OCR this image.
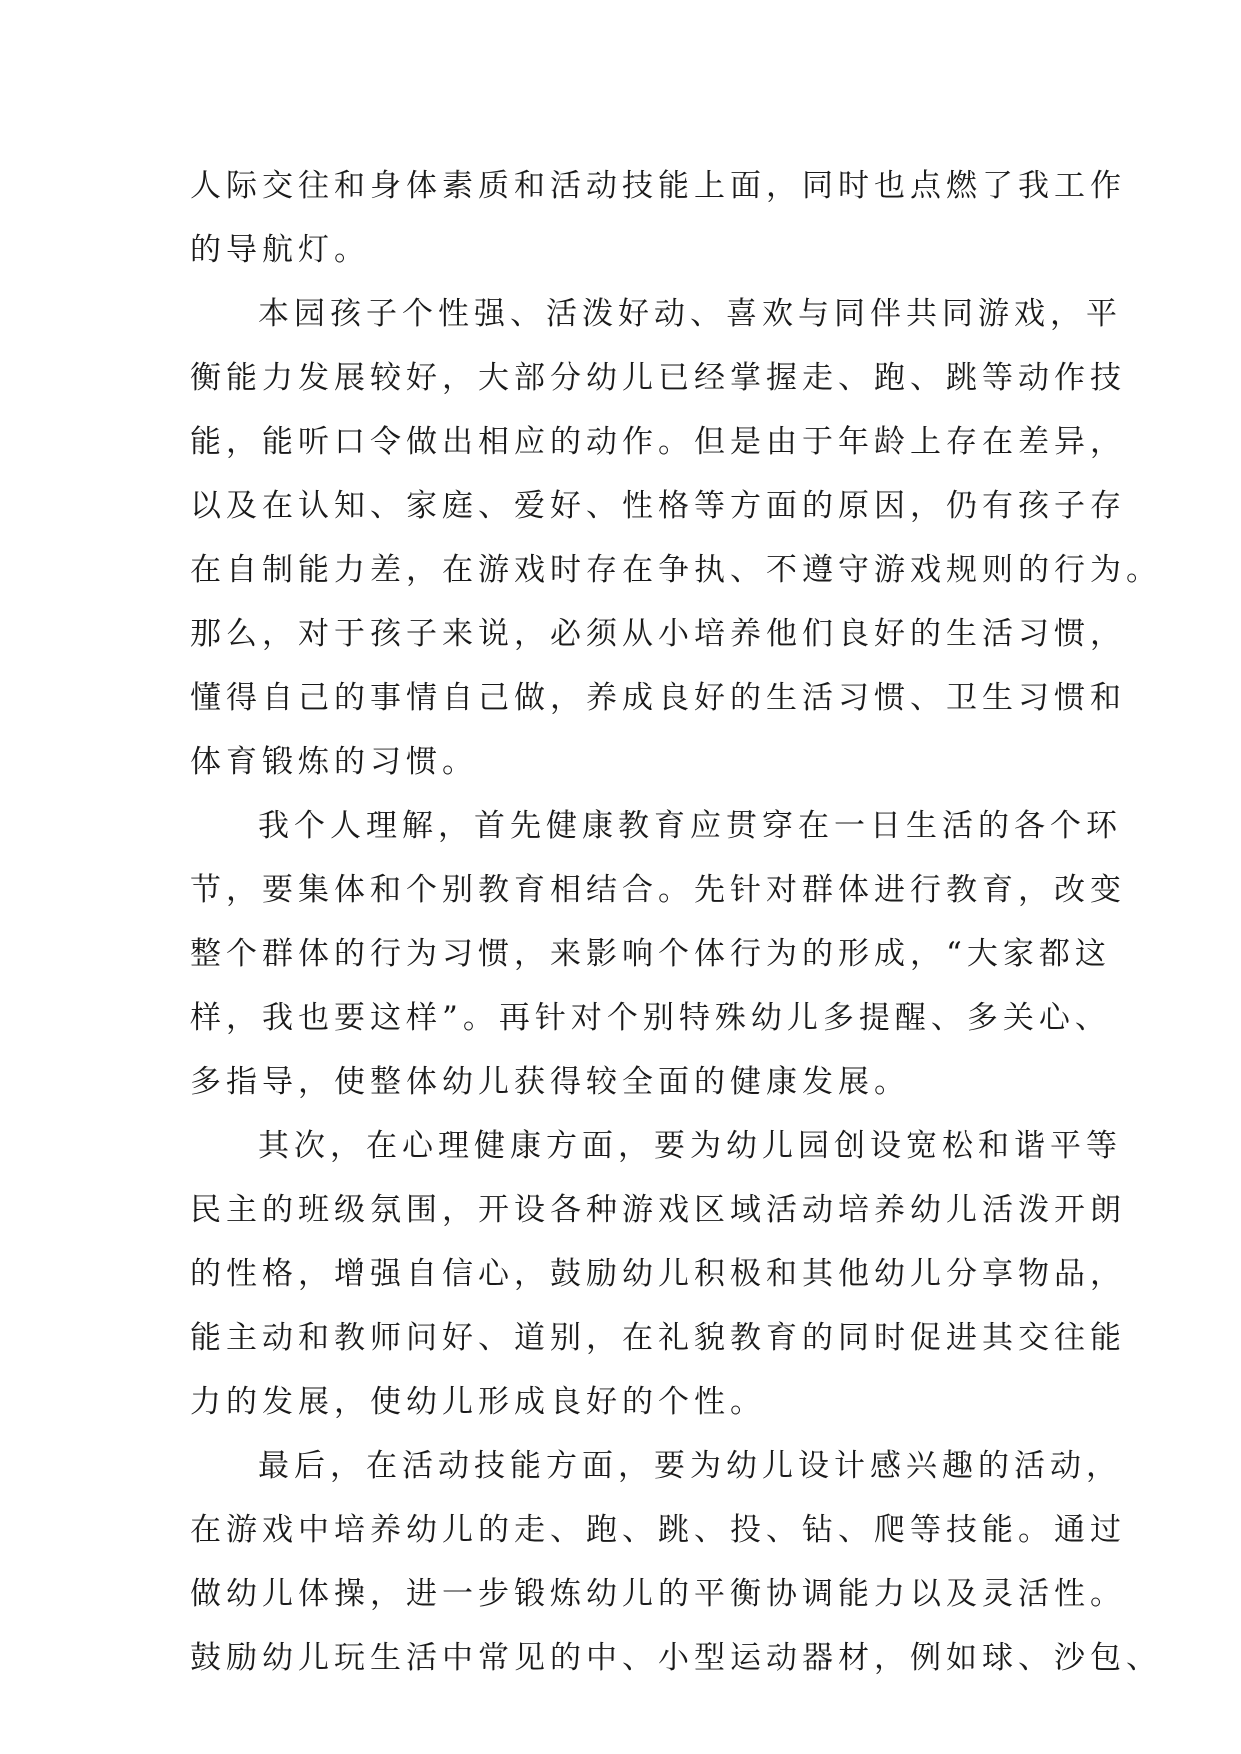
人际交往和身体素质和活动技能上面，同时也点燃了我工作
的导航灯。
本园孩子个性强、活泼好动、喜欢与同伴共同游戏，平
衡能力发展较好，大部分幼儿已经掌握走、跑、跳等动作技
能，能听口令做出相应的动作。但是由于年龄上存在差异，
以及在认知、家庭、爱好、性格等方面的原因，仍有孩子存
在自制能力差，在游戏时存在争执、不遵守游戏规则的行为。
那么，对于孩子来说，必须从小培养他们良好的生活习惯，
懂得自己的事情自己做，养成良好的生活习惯、卫生习惯和
体育锻炼的习惯。
我个人理解，首先健康教育应贯穿在一日生活的各个环
节，要集体和个别教育相结合。先针对群体进行教育，改变
整个群体的行为习惯，来影响个体行为的形成，“大家都这
样，我也要这样”。再针对个别特殊幼儿多提醒、多关心、
多指导，使整体幼儿获得较全面的健康发展。
其次，在心理健康方面，要为幼儿园创设宽松和谐平等
民主的班级氛围，开设各种游戏区域活动培养幼儿活泼开朗
的性格，增强自信心，鼓励幼儿积极和其他幼儿分享物品，
能主动和教师问好、道别，在礼貌教育的同时促进其交往能
力的发展，使幼儿形成良好的个性。
最后，在活动技能方面，要为幼儿设计感兴趣的活动，
在游戏中培养幼儿的走、跑、跳、投、钻、爬等技能。通过
做幼儿体操，进一步锻炼幼儿的平衡协调能力以及灵活性。
鼓励幼儿玩生活中常见的中、小型运动器材，例如球、沙包、
